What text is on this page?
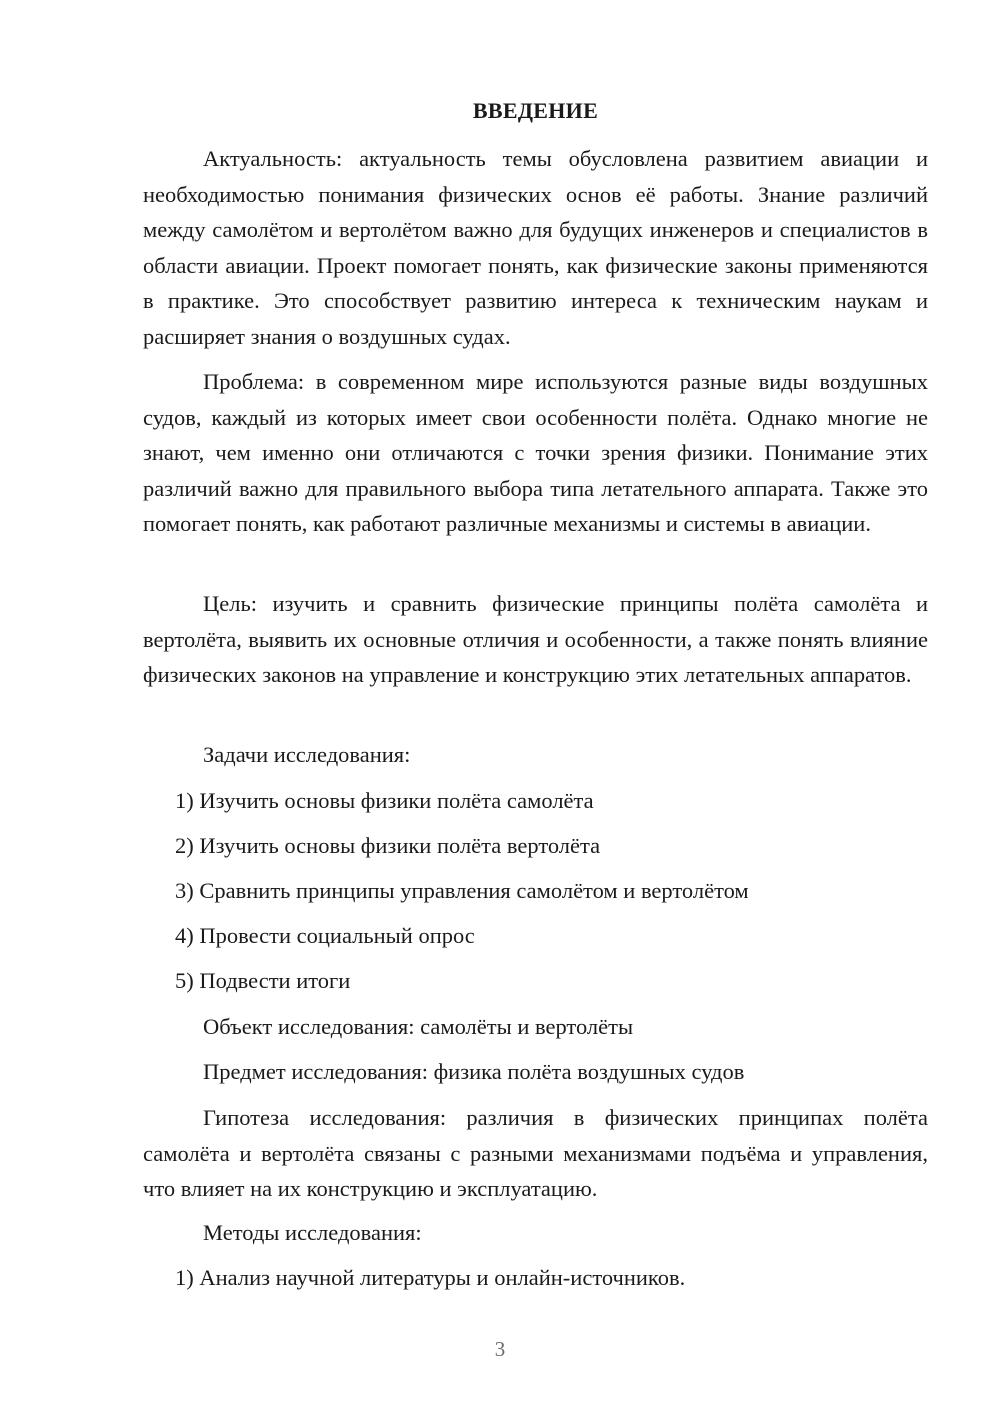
ВВЕДЕНИЕ

Актуальность: актуальность темы обусловлена развитием авиации и необходимостью понимания физических основ её работы. Знание различий между самолётом и вертолётом важно для будущих инженеров и специалистов в области авиации. Проект помогает понять, как физические законы применяются в практике. Это способствует развитию интереса к техническим наукам и расширяет знания о воздушных судах.

Проблема: в современном мире используются разные виды воздушных судов, каждый из которых имеет свои особенности полёта. Однако многие не знают, чем именно они отличаются с точки зрения физики. Понимание этих различий важно для правильного выбора типа летательного аппарата. Также это помогает понять, как работают различные механизмы и системы в авиации.

Цель: изучить и сравнить физические принципы полёта самолёта и вертолёта, выявить их основные отличия и особенности, а также понять влияние физических законов на управление и конструкцию этих летательных аппаратов.

Задачи исследования:
1) Изучить основы физики полёта самолёта
2) Изучить основы физики полёта вертолёта
3) Сравнить принципы управления самолётом и вертолётом
4) Провести социальный опрос
5) Подвести итоги
Объект исследования: самолёты и вертолёты
Предмет исследования: физика полёта воздушных судов

Гипотеза исследования: различия в физических принципах полёта самолёта и вертолёта связаны с разными механизмами подъёма и управления, что влияет на их конструкцию и эксплуатацию.

Методы исследования:
1) Анализ научной литературы и онлайн-источников.
3
